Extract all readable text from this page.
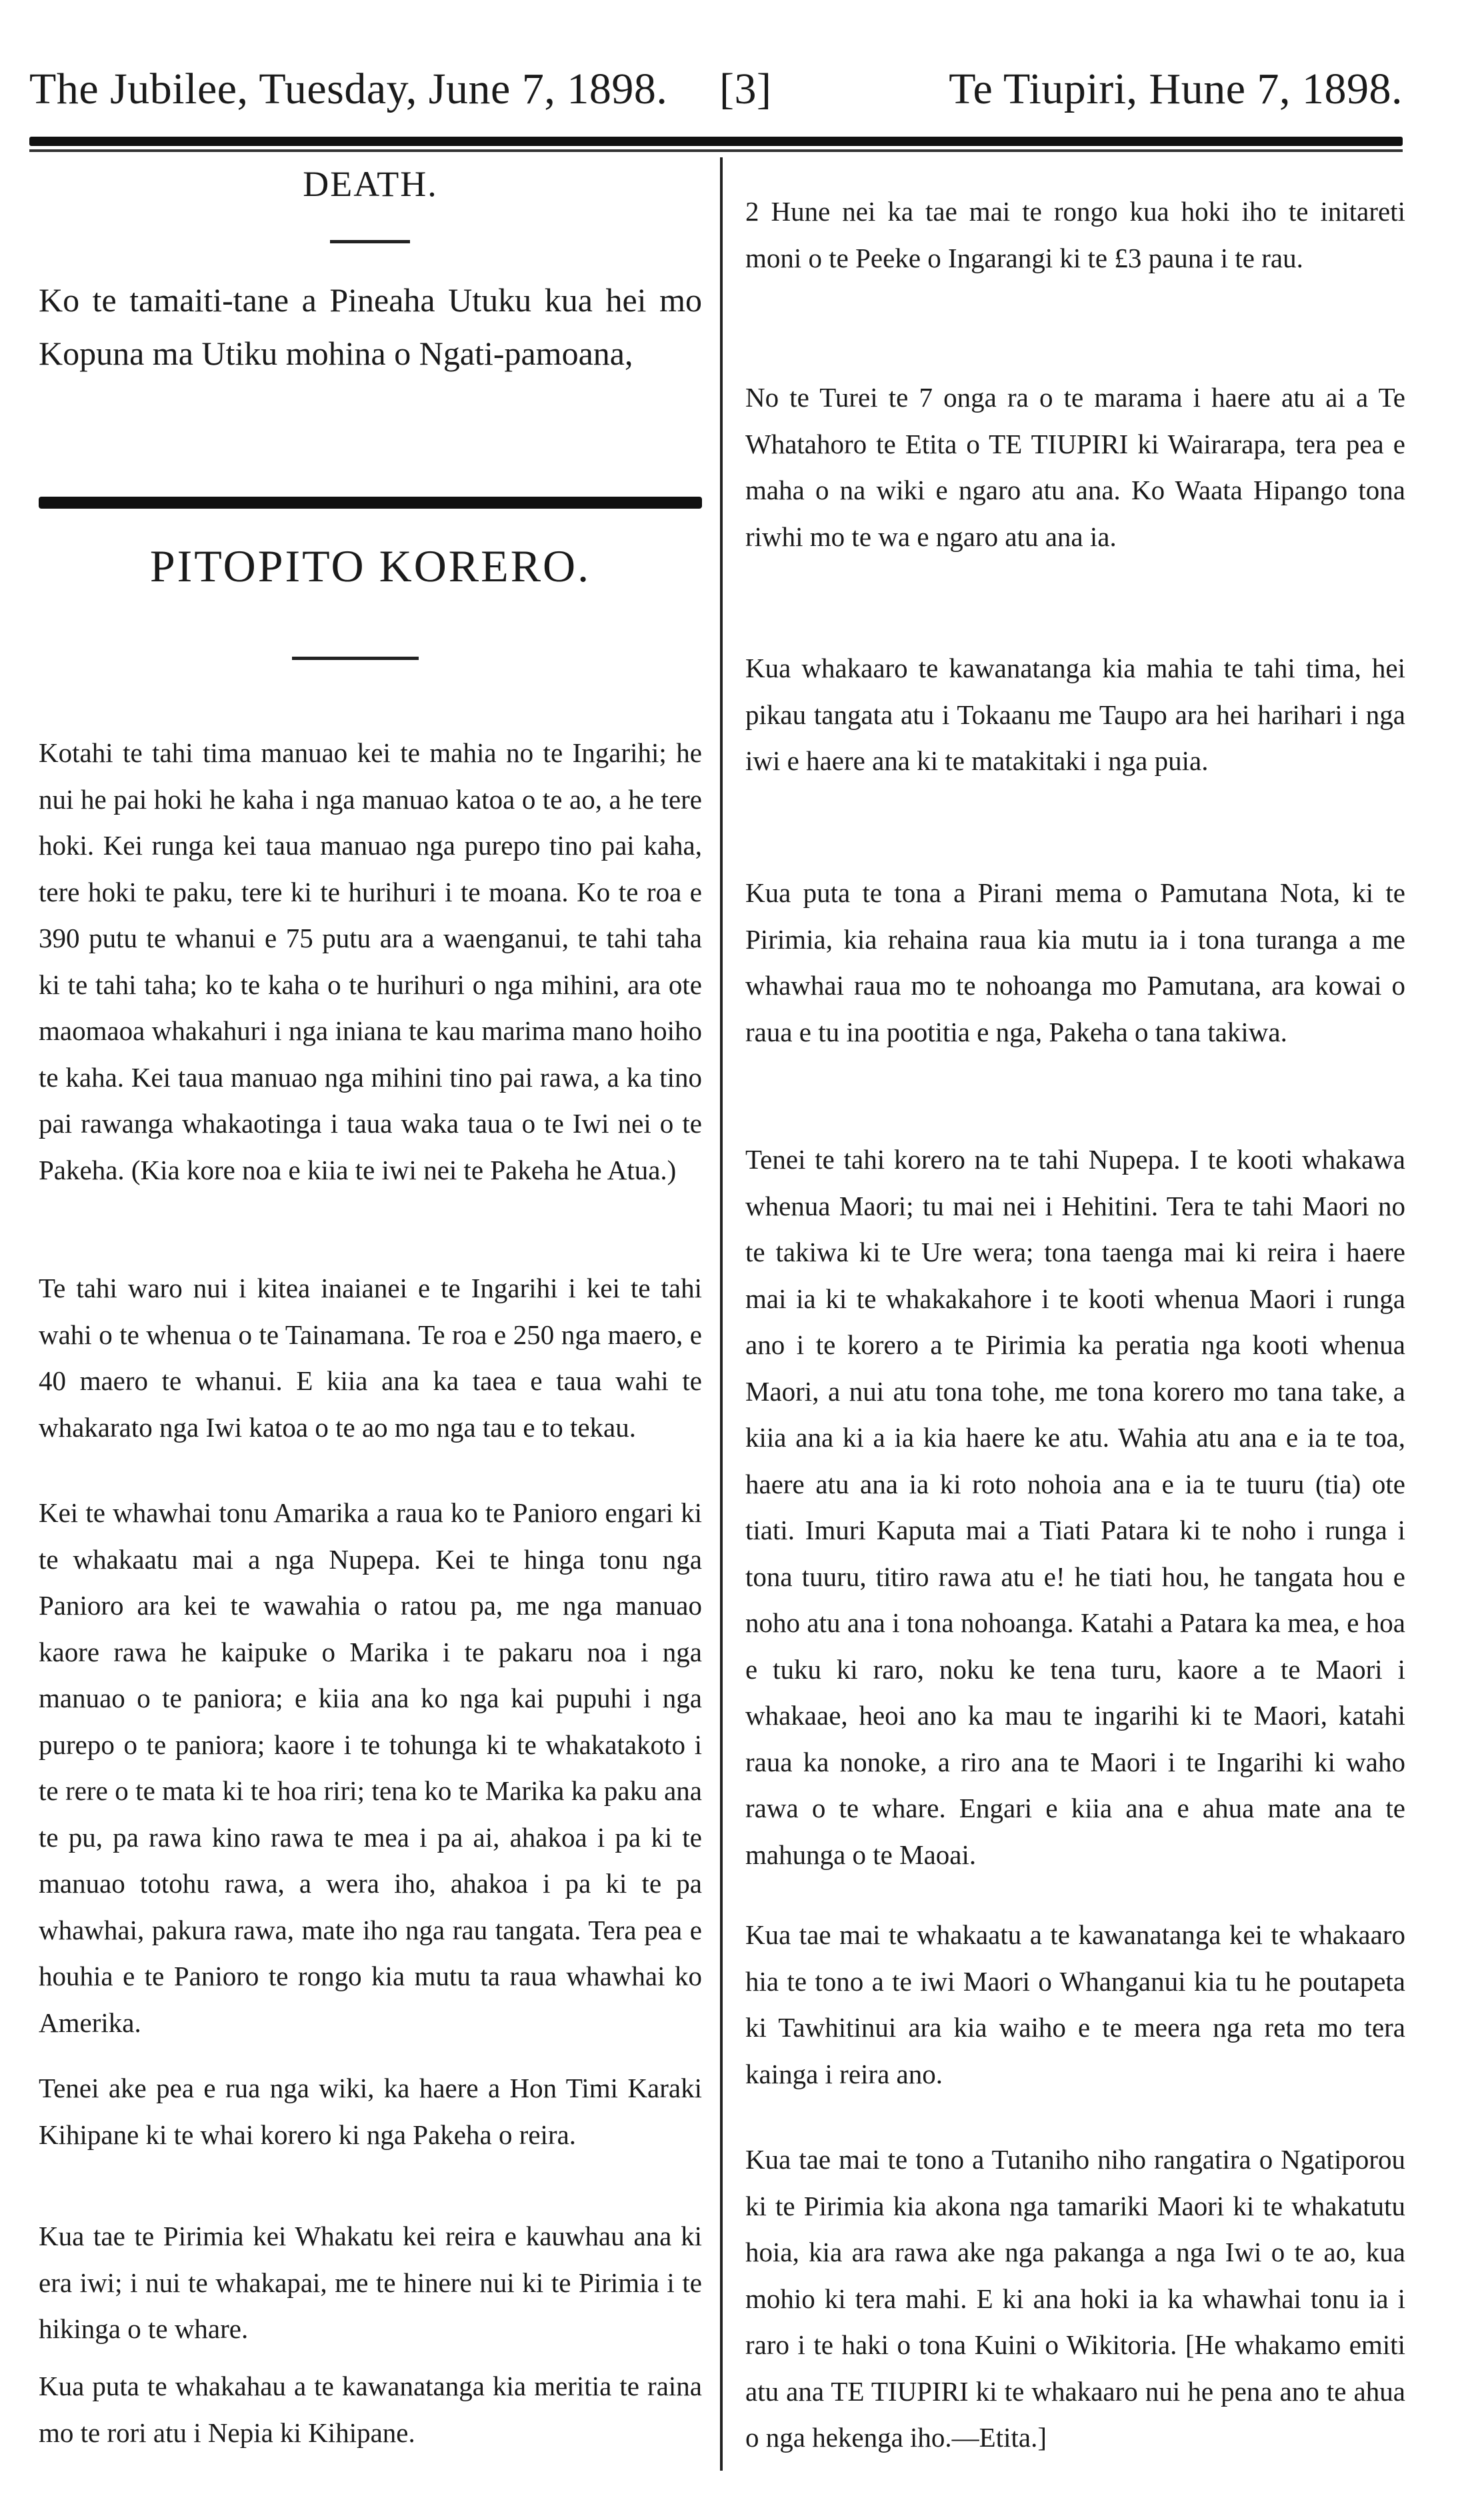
The Jubilee, Tuesday, June 7, 1898. [3]	Te Tiupiri, Hune 7, 1898.
DEATH.

Ko te tamaiti-tane a Pineaha Utuku kua hei mo Kopuna ma Utiku mohina o Ngati-pamoana,

PITOPITO KORERO.

Kotahi te tahi tima manuao kei te mahia no te Ingarihi; he nui he pai hoki he kaha i nga manuao katoa o te ao, a he tere hoki. Kei runga kei taua manuao nga purepo tino pai kaha, tere hoki te paku, tere ki te hurihuri i te moana. Ko te roa e 390 putu te whanui e 75 putu ara a waenganui, te tahi taha ki te tahi taha; ko te kaha o te hurihuri o nga mihini, ara ote maomaoa whakahuri i nga iniana te kau marima mano hoiho te kaha. Kei taua manuao nga mihini tino pai rawa, a ka tino pai rawanga whakaotinga i taua waka taua o te Iwi nei o te Pakeha. (Kia kore noa e kiia te iwi nei te Pakeha he Atua.)

Te tahi waro nui i kitea inaianei e te Ingarihi i kei te tahi wahi o te whenua o te Tainamana. Te roa e 250 nga maero, e 40 maero te whanui. E kiia ana ka taea e taua wahi te whakarato nga Iwi katoa o te ao mo nga tau e to tekau.

Kei te whawhai tonu Amarika a raua ko te Panioro engari ki te whakaatu mai a nga Nupepa. Kei te hinga tonu nga Panioro ara kei te wawahia o ratou pa, me nga manuao kaore rawa he kaipuke o Marika i te pakaru noa i nga manuao o te paniora; e kiia ana ko nga kai pupuhi i nga purepo o te paniora; kaore i te tohunga ki te whakatakoto i te rere o te mata ki te hoa riri; tena ko te Marika ka paku ana te pu, pa rawa kino rawa te mea i pa ai, ahakoa i pa ki te manuao totohu rawa, a wera iho, ahakoa i pa ki te pa whawhai, pakura rawa, mate iho nga rau tangata. Tera pea e houhia e te Panioro te rongo kia mutu ta raua whawhai ko Amerika.

Tenei ake pea e rua nga wiki, ka haere a Hon Timi Karaki Kihipane ki te whai korero ki nga Pakeha o reira.

Kua tae te Pirimia kei Whakatu kei reira e kauwhau ana ki era iwi; i nui te whakapai, me te hinere nui ki te Pirimia i te hikinga o te whare.

Kua puta te whakahau a te kawanatanga kia meritia te raina mo te rori atu i Nepia ki Kihipane.

2 Hune nei ka tae mai te rongo kua hoki iho te initareti moni o te Peeke o Ingarangi ki te £3 pauna i te rau.

No te Turei te 7 onga ra o te marama i haere atu ai a Te Whatahoro te Etita o TE TIUPIRI ki Wairarapa, tera pea e maha o na wiki e ngaro atu ana. Ko Waata Hipango tona riwhi mo te wa e ngaro atu ana ia.

Kua whakaaro te kawanatanga kia mahia te tahi tima, hei pikau tangata atu i Tokaanu me Taupo ara hei harihari i nga iwi e haere ana ki te matakitaki i nga puia.

Kua puta te tona a Pirani mema o Pamutana Nota, ki te Pirimia, kia rehaina raua kia mutu ia i tona turanga a me whawhai raua mo te nohoanga mo Pamutana, ara kowai o raua e tu ina pootitia e nga, Pakeha o tana takiwa.

Tenei te tahi korero na te tahi Nupepa. I te kooti whakawa whenua Maori; tu mai nei i Hehitini. Tera te tahi Maori no te takiwa ki te Ure wera; tona taenga mai ki reira i haere mai ia ki te whakakahore i te kooti whenua Maori i runga ano i te korero a te Pirimia ka peratia nga kooti whenua Maori, a nui atu tona tohe, me tona korero mo tana take, a kiia ana ki a ia kia haere ke atu. Wahia atu ana e ia te toa, haere atu ana ia ki roto nohoia ana e ia te tuuru (tia) ote tiati. Imuri Kaputa mai a Tiati Patara ki te noho i runga i tona tuuru, titiro rawa atu e! he tiati hou, he tangata hou e noho atu ana i tona nohoanga. Katahi a Patara ka mea, e hoa e tuku ki raro, noku ke tena turu, kaore a te Maori i whakaae, heoi ano ka mau te ingarihi ki te Maori, katahi raua ka nonoke, a riro ana te Maori i te Ingarihi ki waho rawa o te whare. Engari e kiia ana e ahua mate ana te mahunga o te Maoai.

Kua tae mai te whakaatu a te kawanatanga kei te whakaaro hia te tono a te iwi Maori o Whanganui kia tu he poutapeta ki Tawhitinui ara kia waiho e te meera nga reta mo tera kainga i reira ano.

Kua tae mai te tono a Tutaniho niho rangatira o Ngatiporou ki te Pirimia kia akona nga tamariki Maori ki te whakatutu hoia, kia ara rawa ake nga pakanga a nga Iwi o te ao, kua mohio ki tera mahi. E ki ana hoki ia ka whawhai tonu ia i raro i te haki o tona Kuini o Wikitoria. [He whakamo emiti atu ana TE TIUPIRI ki te whakaaro nui he pena ano te ahua o nga hekenga iho.—Etita.]
